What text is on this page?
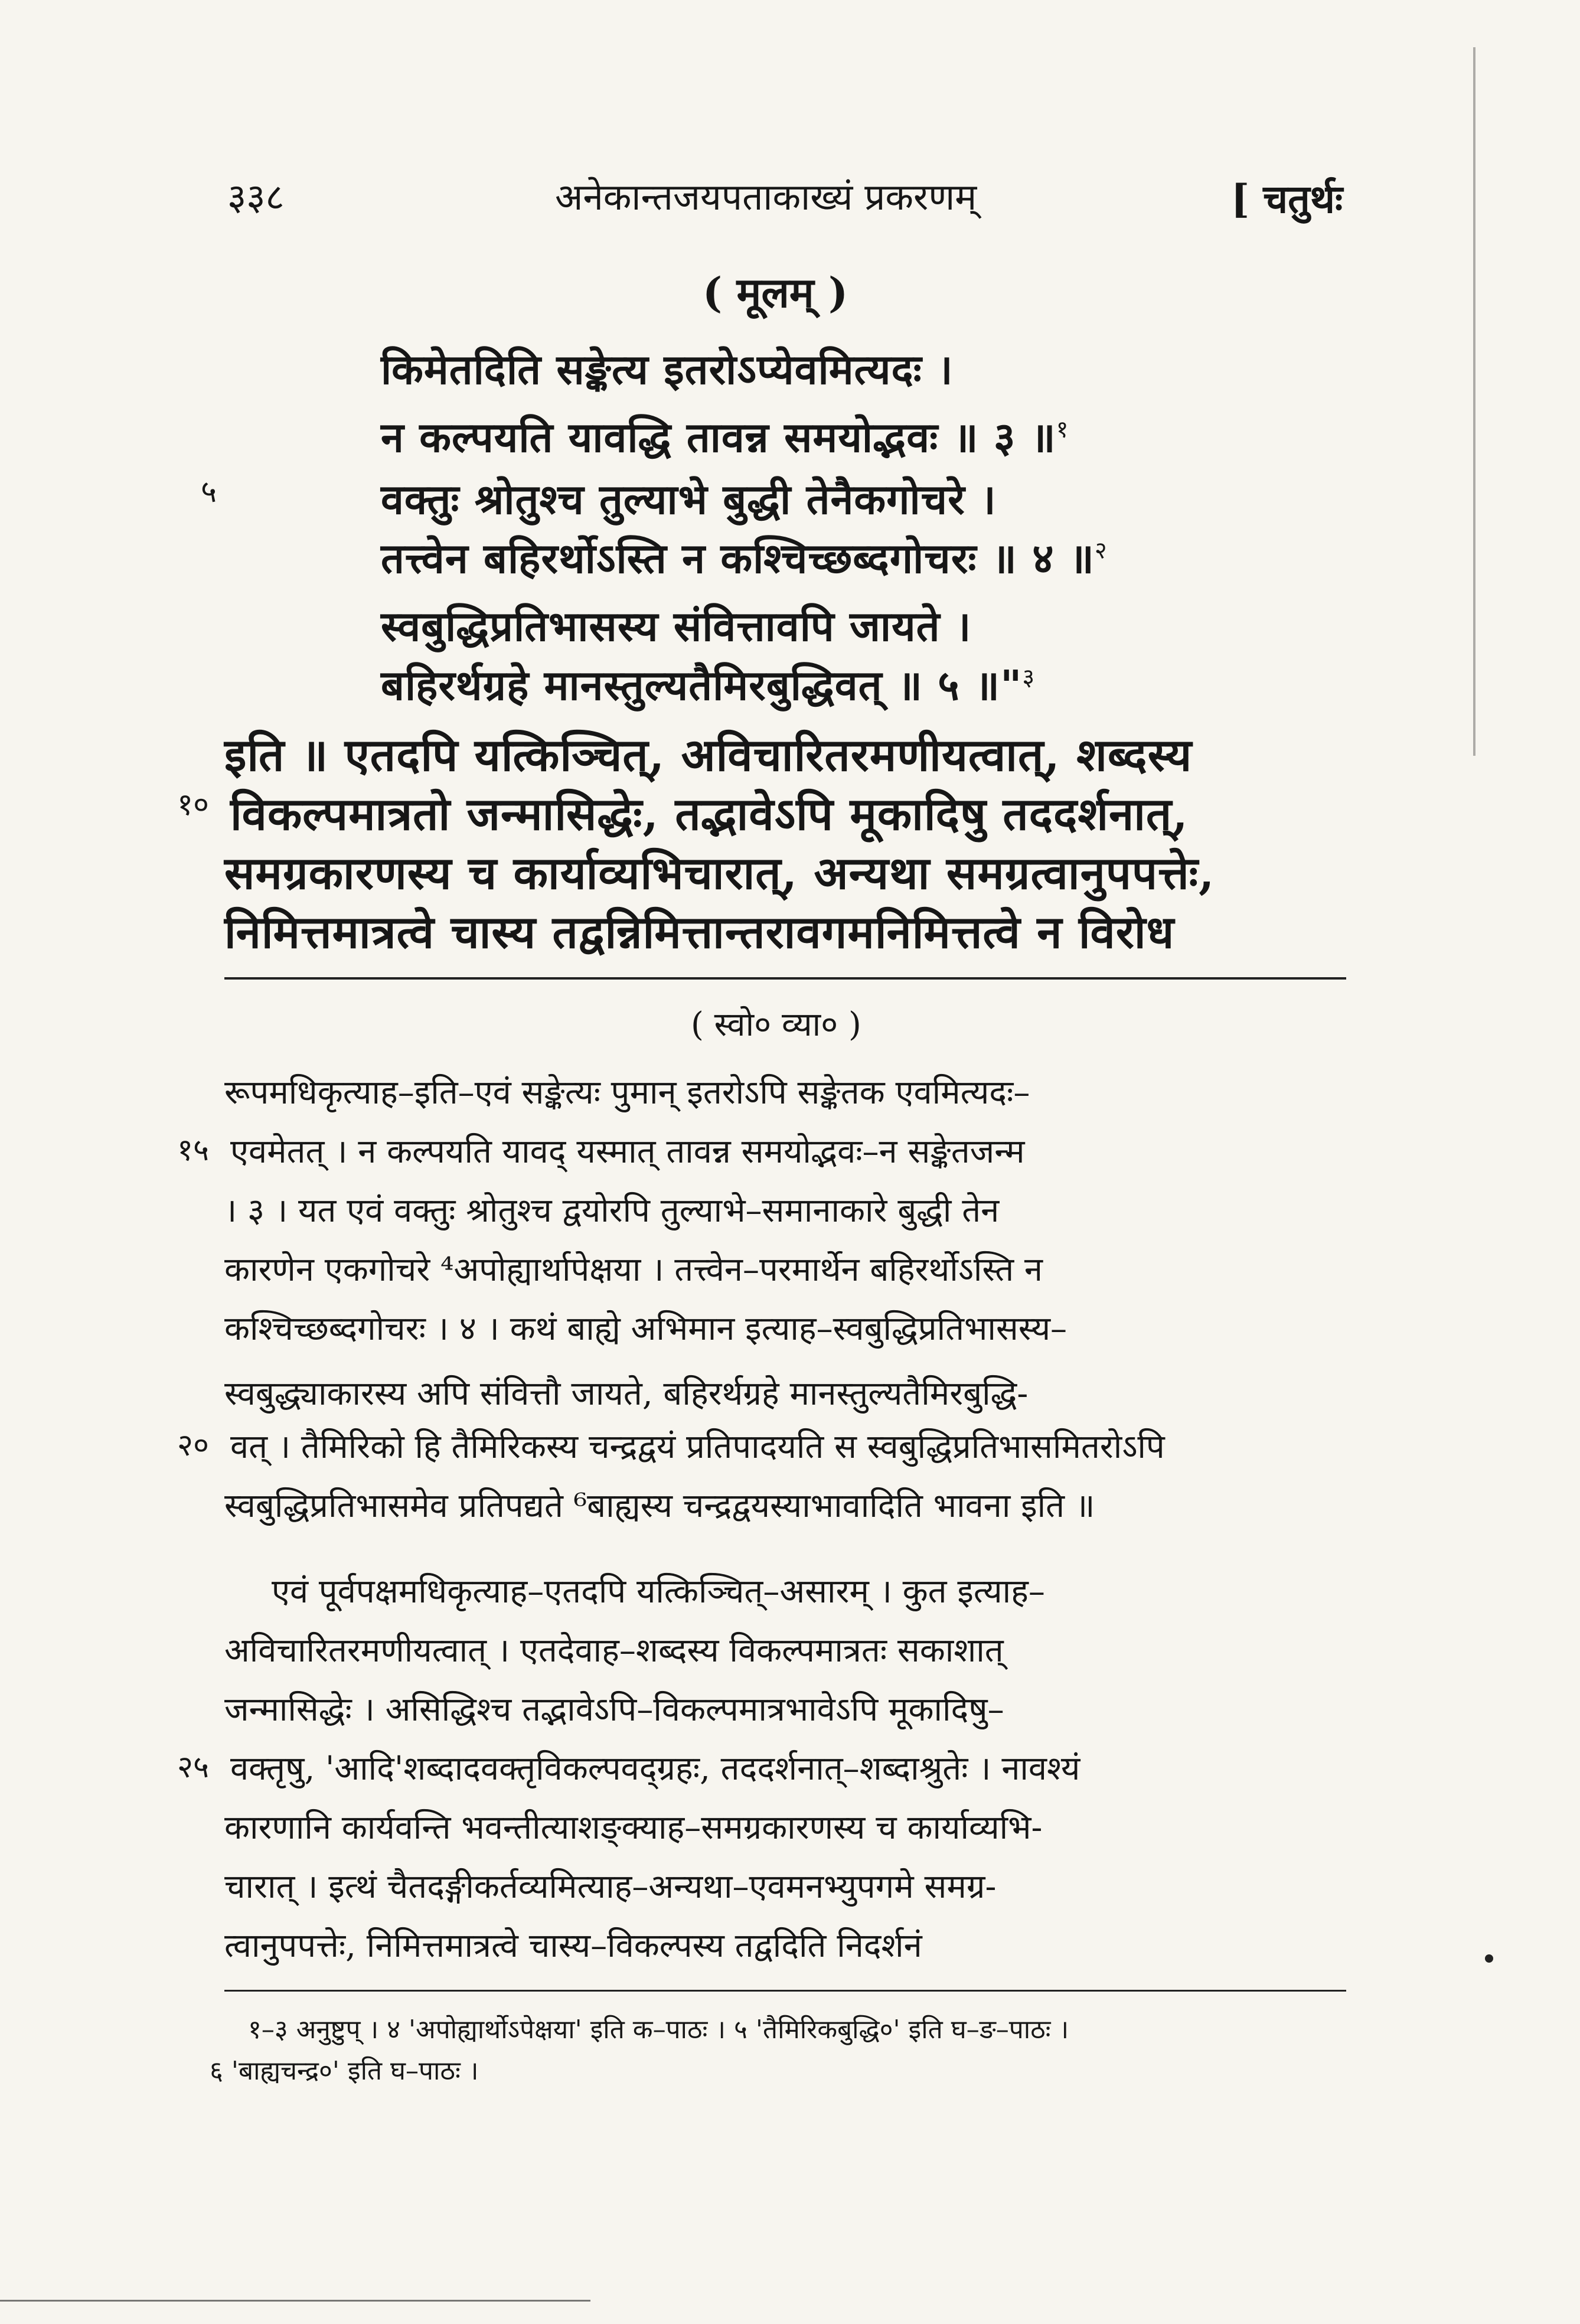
३३८	अनेकान्तजयपताकाख्यं प्रकरणम्	[ चतुर्थः
( मूलम् )
५
किमेतदिति सङ्केत्य इतरोऽप्येवमित्यदः ।
न कल्पयति यावद्धि तावन्न समयोद्भवः ॥ ३ ॥$^१$
वक्तुः श्रोतुश्च तुल्याभे बुद्धी तेनैकगोचरे ।
तत्त्वेन बहिरर्थोऽस्ति न कश्चिच्छब्दगोचरः ॥ ४ ॥$^२$
स्वबुद्धिप्रतिभासस्य संवित्तावपि जायते ।
बहिरर्थग्रहे मानस्तुल्यतैमिरबुद्धिवत् ॥ ५ ॥"$^३$
१०
इति ॥ एतदपि यत्किञ्चित्, अविचारितरमणीयत्वात्, शब्दस्य
विकल्पमात्रतो जन्मासिद्धेः, तद्भावेऽपि मूकादिषु तददर्शनात्,
समग्रकारणस्य च कार्याव्यभिचारात्, अन्यथा समग्रत्वानुपपत्तेः,
निमित्तमात्रत्वे चास्य तद्वन्निमित्तान्तरावगमनिमित्तत्वे न विरोध
( स्वो० व्या० )
१५
२०
२५
रूपमधिकृत्याह–इति–एवं सङ्केत्यः पुमान् इतरोऽपि सङ्केतक एवमित्यदः–
एवमेतत् । न कल्पयति यावद् यस्मात् तावन्न समयोद्भवः–न सङ्केतजन्म
। ३ । यत एवं वक्तुः श्रोतुश्च द्वयोरपि तुल्याभे–समानाकारे बुद्धी तेन
कारणेन एकगोचरे ⁴अपोह्यार्थापेक्षया । तत्त्वेन–परमार्थेन बहिरर्थोऽस्ति न
कश्चिच्छब्दगोचरः । ४ । कथं बाह्ये अभिमान इत्याह–स्वबुद्धिप्रतिभासस्य–
स्वबुद्ध्याकारस्य अपि संवित्तौ जायते, बहिरर्थग्रहे मानस्तुल्यतैमिरबुद्धि-
वत् । तैमिरिको हि तैमिरिकस्य चन्द्रद्वयं प्रतिपादयति स स्वबुद्धिप्रतिभासमितरोऽपि
स्वबुद्धिप्रतिभासमेव प्रतिपद्यते ⁶बाह्यस्य चन्द्रद्वयस्याभावादिति भावना इति ॥
एवं पूर्वपक्षमधिकृत्याह–एतदपि यत्किञ्चित्–असारम् । कुत इत्याह–
अविचारितरमणीयत्वात् । एतदेवाह–शब्दस्य विकल्पमात्रतः सकाशात्
जन्मासिद्धेः । असिद्धिश्च तद्भावेऽपि–विकल्पमात्रभावेऽपि मूकादिषु–
वक्तृषु, 'आदि'शब्दादवक्तृविकल्पवद्ग्रहः, तददर्शनात्–शब्दाश्रुतेः । नावश्यं
कारणानि कार्यवन्ति भवन्तीत्याशङ्क्याह–समग्रकारणस्य च कार्याव्यभि-
चारात् । इत्थं चैतदङ्गीकर्तव्यमित्याह–अन्यथा–एवमनभ्युपगमे समग्र-
त्वानुपपत्तेः, निमित्तमात्रत्वे चास्य–विकल्पस्य तद्वदिति निदर्शनं
१–३ अनुष्टुप् । ४ 'अपोह्यार्थोऽपेक्षया' इति क–पाठः । ५ 'तैमिरिकबुद्धि०' इति घ–ङ–पाठः ।
६ 'बाह्यचन्द्र०' इति घ–पाठः ।
